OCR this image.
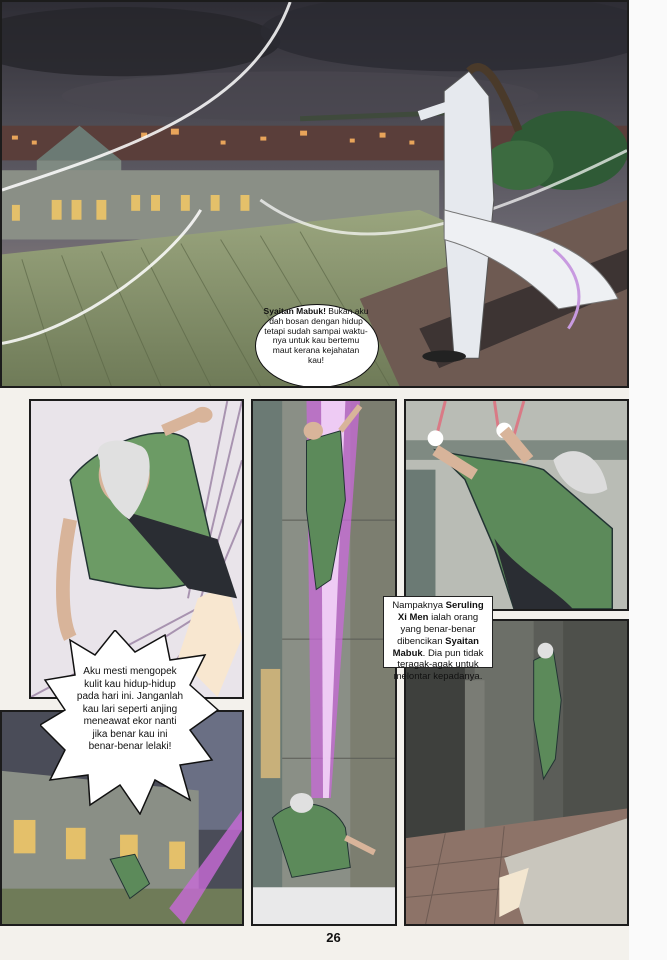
Syaitan Mabuk! Bukan aku
dah bosan dengan hidup
tetapi sudah sampai waktu-
nya untuk kau bertemu
maut kerana kejahatan
kau!
Nampaknya Seruling Xi Men ialah orang yang benar-benar dibencikan Syaitan Mabuk. Dia pun tidak teragak-agak untuk melontar kepadanya.
Aku mesti mengopek
kulit kau hidup-hidup
pada hari ini. Janganlah
kau lari seperti anjing
meneawat ekor nanti
jika benar kau ini
benar-benar lelaki!
26
